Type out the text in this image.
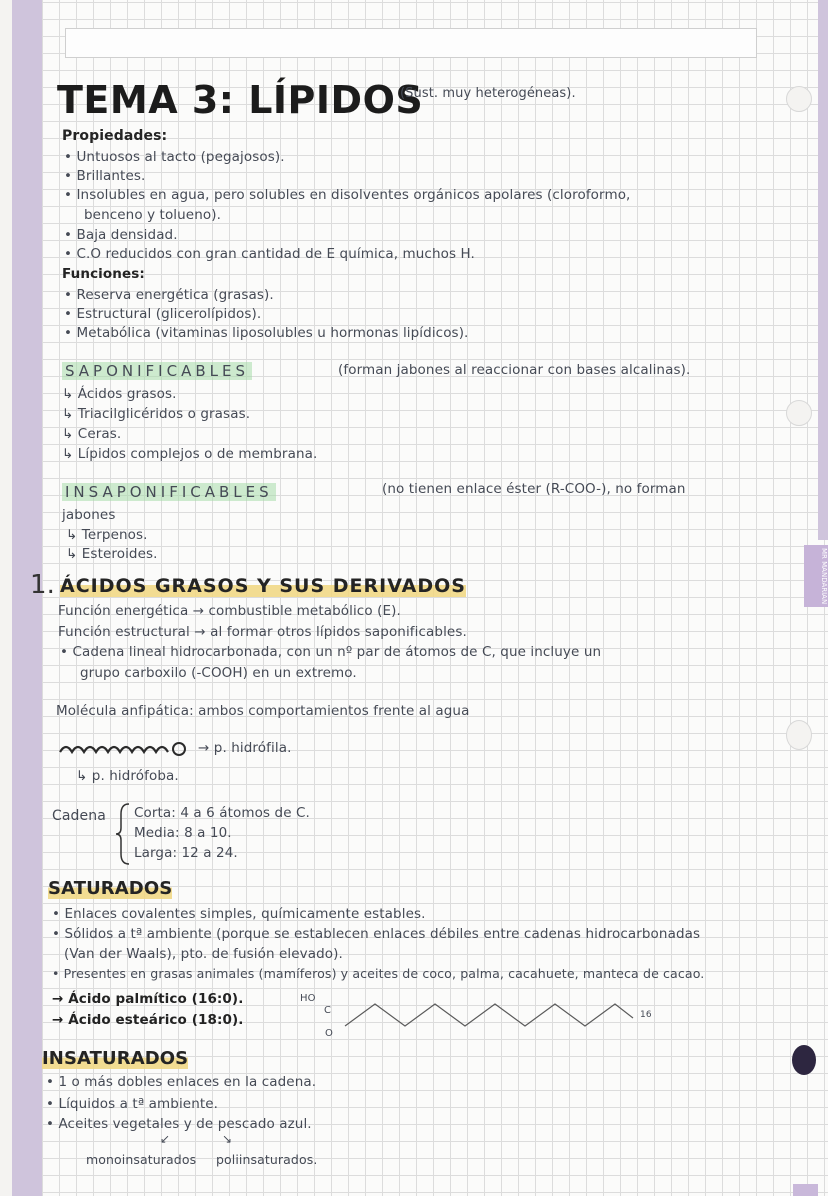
MR MANDARIAN
TEMA 3: LÍPIDOS
(Sust. muy heterogéneas).
Propiedades:
• Untuosos al tacto (pegajosos).
• Brillantes.
• Insolubles en agua, pero solubles en disolventes orgánicos apolares (cloroformo,
benceno y tolueno).
• Baja densidad.
• C.O reducidos con gran cantidad de E química, muchos H.
Funciones:
• Reserva energética (grasas).
• Estructural (glicerolípidos).
• Metabólica (vitaminas liposolubles u hormonas lipídicos).
SAPONIFICABLES	(forman jabones al reaccionar con bases alcalinas).
↳ Ácidos grasos.
↳ Triacilglicéridos o grasas.
↳ Ceras.
↳ Lípidos complejos o de membrana.
INSAPONIFICABLES	(no tienen enlace éster (R-COO-), no forman
jabones
↳ Terpenos.
↳ Esteroides.
1. ÁCIDOS GRASOS Y SUS DERIVADOS
Función energética → combustible metabólico (E).
Función estructural → al formar otros lípidos saponificables.
• Cadena lineal hidrocarbonada, con un nº par de átomos de C, que incluye un
grupo carboxilo (-COOH) en un extremo.
Molécula anfipática: ambos comportamientos frente al agua
→ p. hidrófila.
↳ p. hidrófoba.
Cadena Corta: 4 a 6 átomos de C.
Media: 8 a 10.
Larga: 12 a 24.
SATURADOS
• Enlaces covalentes simples, químicamente estables.
• Sólidos a tª ambiente (porque se establecen enlaces débiles entre cadenas hidrocarbonadas
(Van der Waals), pto. de fusión elevado).
• Presentes en grasas animales (mamíferos) y aceites de coco, palma, cacahuete, manteca de cacao.
→ Ácido palmítico (16:0).
→ Ácido esteárico (18:0).
HO
C
O
16
INSATURADOS
• 1 o más dobles enlaces en la cadena.
• Líquidos a tª ambiente.
• Aceites vegetales y de pescado azul.
↙	↘
monoinsaturados poliinsaturados.
